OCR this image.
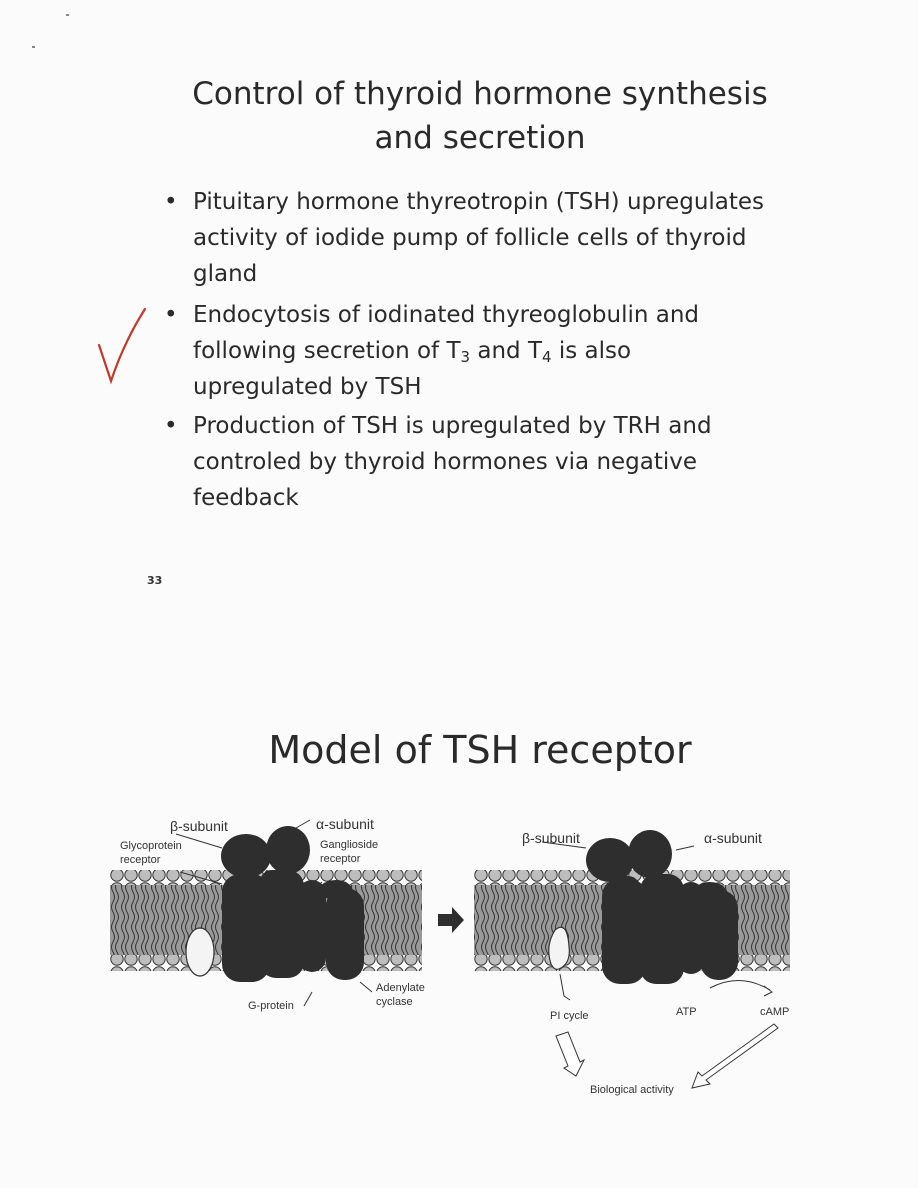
Control of thyroid hormone synthesis
and secretion
• Pituitary hormone thyreotropin (TSH) upregulates
activity of iodide pump of follicle cells of thyroid
gland
• Endocytosis of iodinated thyreoglobulin and
following secretion of $T_3$ and $T_4$ is also
upregulated by TSH
• Production of TSH is upregulated by TRH and
controled by thyroid hormones via negative
feedback
33
Model of TSH receptor
β-subunit	α-subunit
Glycoprotein
receptor
Ganglioside
receptor
G-protein
Adenylate
cyclase
β-subunit	α-subunit
PI cycle	ATP	cAMP
Biological activity
